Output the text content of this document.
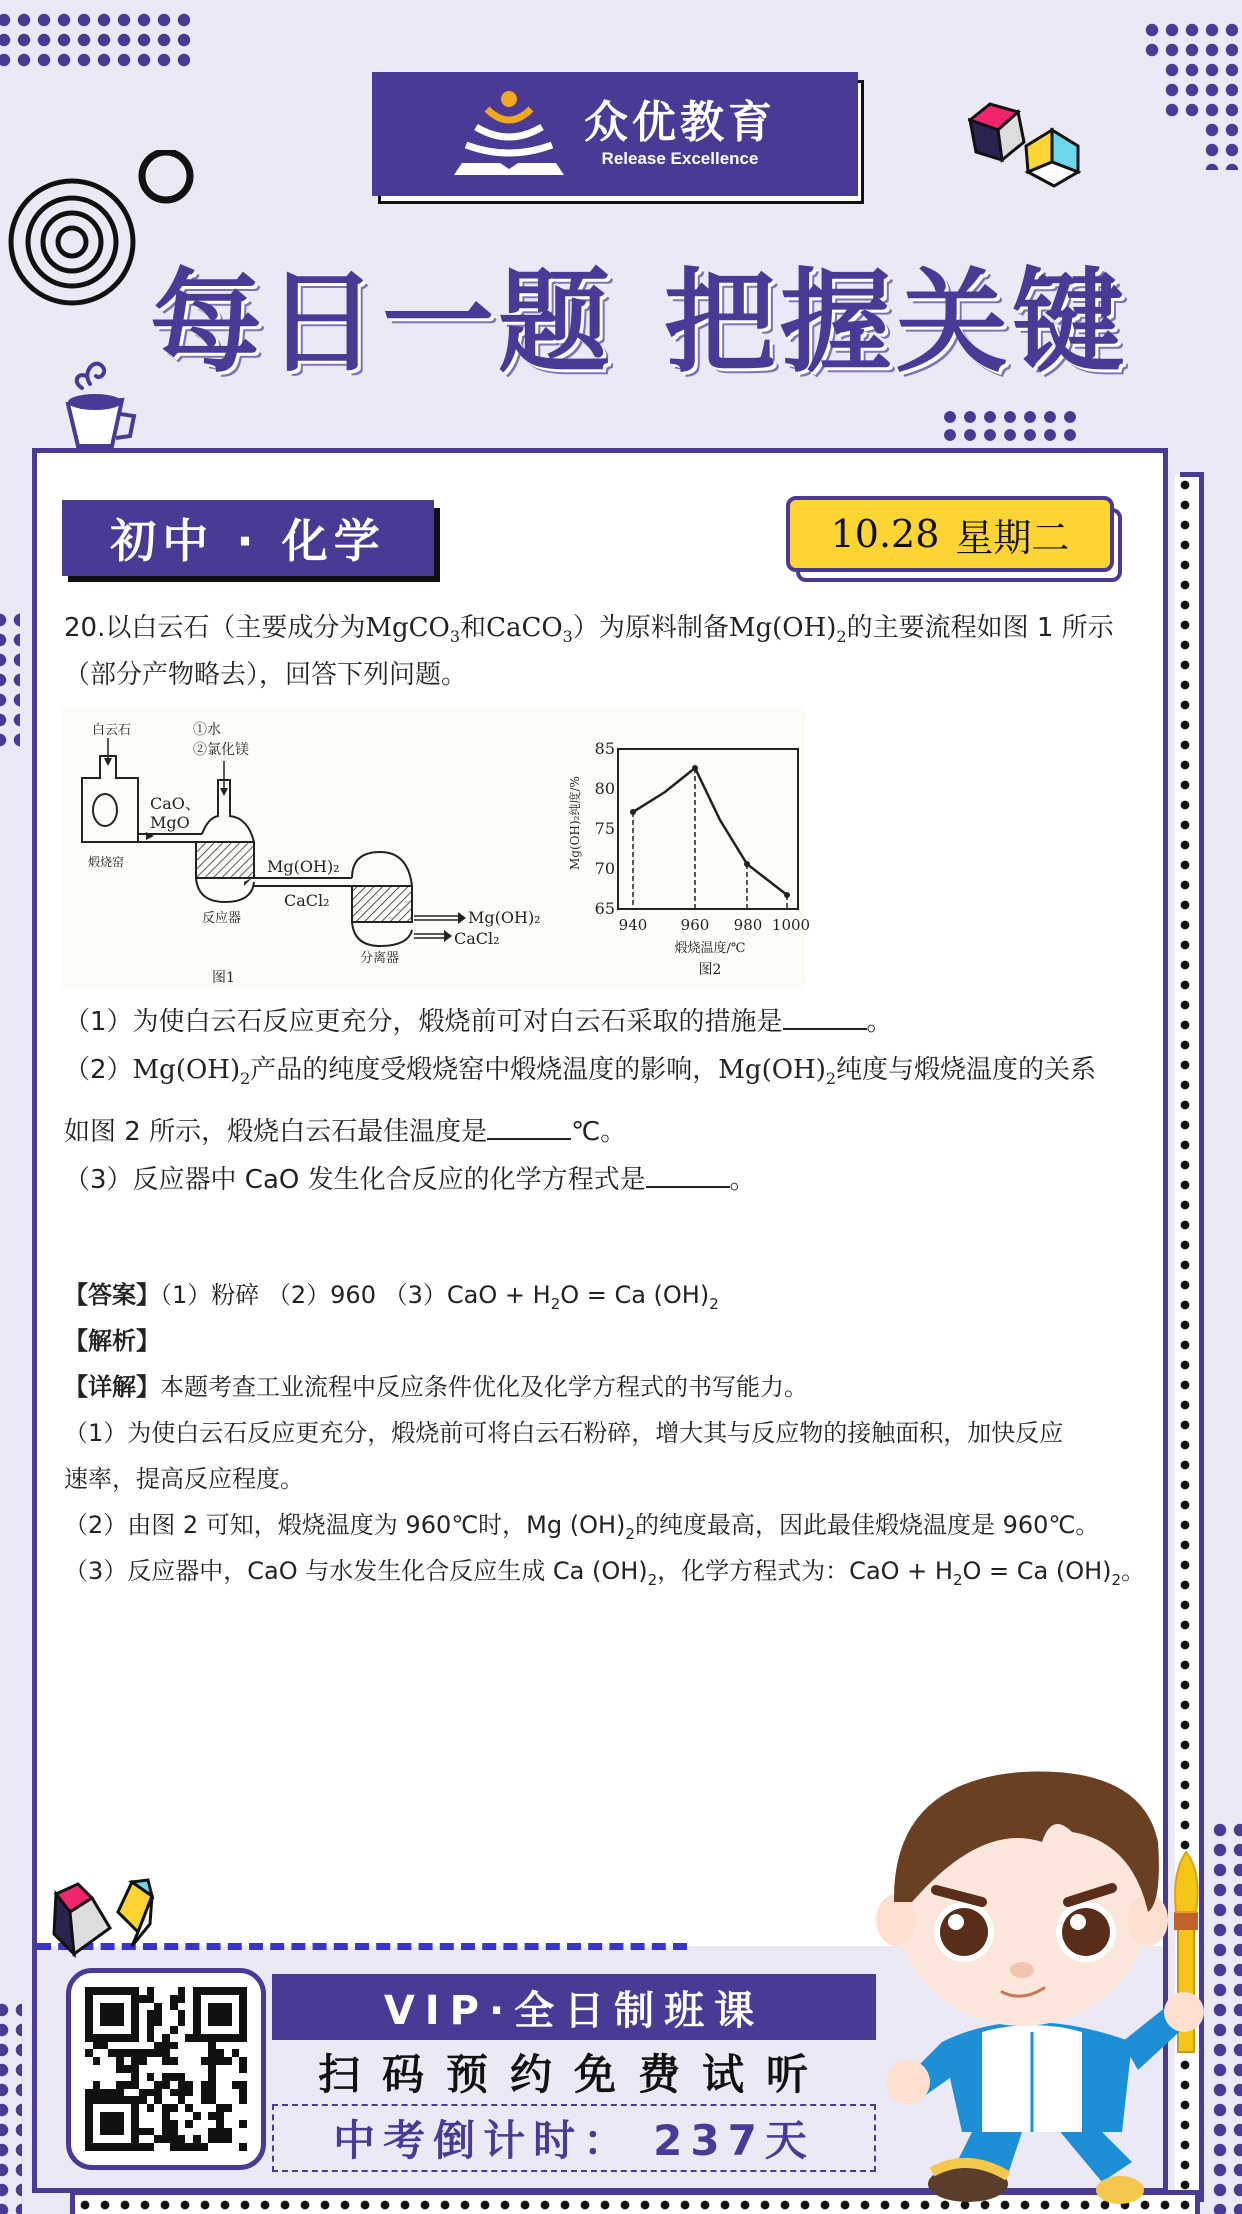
众优教育
Release Excellence
每日一题 把握关键
初中 · 化学	10.28 星期二
20.以白云石（主要成分为MgCO$_3$和CaCO$_3$）为原料制备$Mg(OH)_2$的主要流程如图 1 所示
（部分产物略去），回答下列问题。
白云石
煅烧窑
CaO、
MgO
①水
②氯化镁
反应器
Mg(OH)₂
CaCl₂
分离器
Mg(OH)₂
CaCl₂
图1
85
80
75
70
65
940 960 980 1000
Mg(OH)₂纯度/%
煅烧温度/℃
图2
（1）为使白云石反应更充分，煅烧前可对白云石采取的措施是	。
$(2)Mg(OH)_2$产品的纯度受煅烧窑中煅烧温度的影响，$Mg(OH)_2$纯度与煅烧温度的关系
如图 2 所示，煅烧白云石最佳温度是	℃。
（3）反应器中 CaO 发生化合反应的化学方程式是	。
【答案】（1）粉碎 （2）960 $(3)CaO + H_2O = Ca$ $(OH)_2$
【解析】
【详解】本题考查工业流程中反应条件优化及化学方程式的书写能力。
（1）为使白云石反应更充分，煅烧前可将白云石粉碎，增大其与反应物的接触面积，加快反应
速率，提高反应程度。
（2）由图 2 可知，煅烧温度为 960℃时，Mg $(OH)_2$的纯度最高，因此最佳煅烧温度是 960℃。
（3）反应器中，CaO 与水发生化合反应生成 Ca $(OH)_2$，化学方程式为：CaO + $H_2O = Ca$ $(OH)_2$。
VIP·全日制班课
扫码预约免费试听
中考倒计时： 237天
